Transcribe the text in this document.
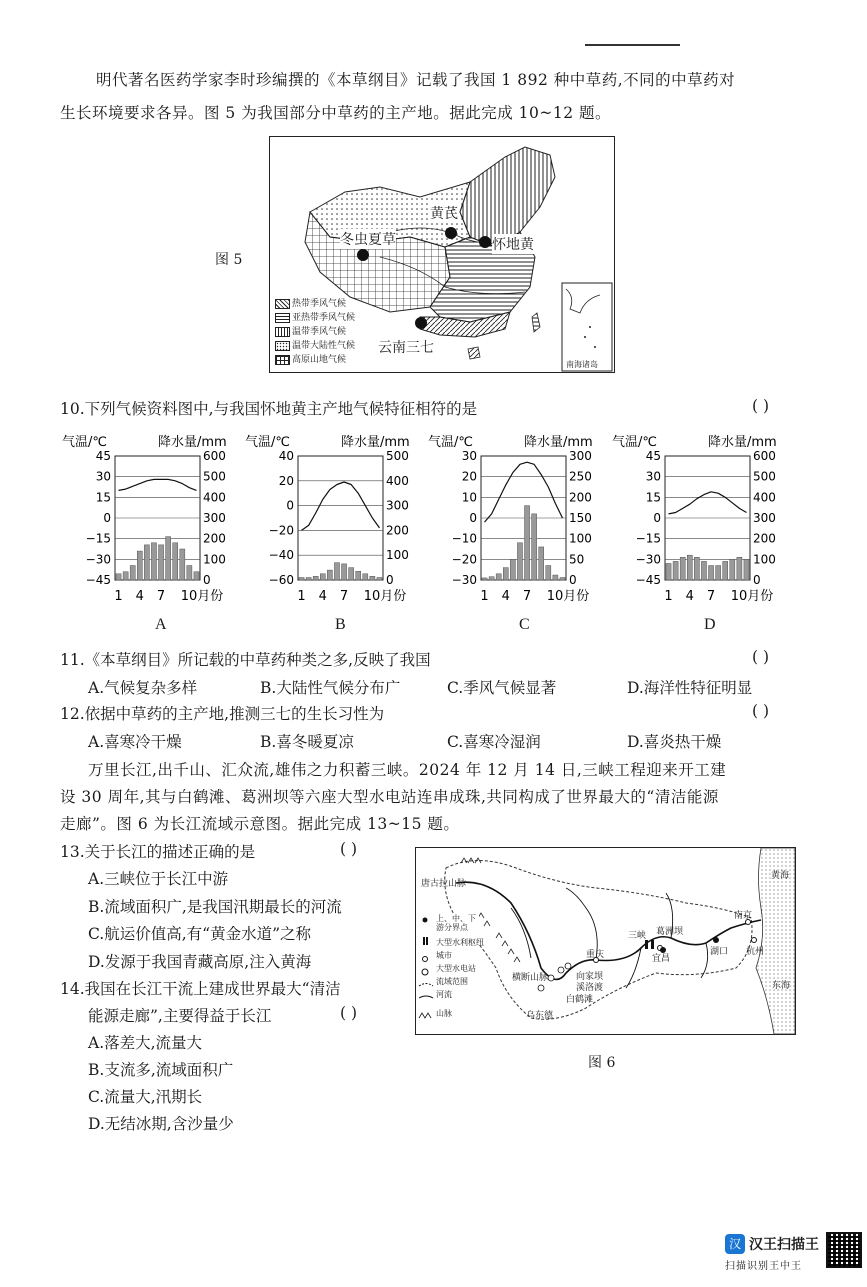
明代著名医药学家李时珍编撰的《本草纲目》记载了我国 1 892 种中草药,不同的中草药对
生长环境要求各异。图 5 为我国部分中草药的主产地。据此完成 10~12 题。
图 5
黄芪
冬虫夏草	怀地黄
云南三七
热带季风气候
亚热带季风气候
温带季风气候
温带大陆性气候
高原山地气候	南海诸岛
10.下列气候资料图中,与我国怀地黄主产地气候特征相符的是	( )
气温/℃	降水量/mm
45
30
15
0
−15
−30
−45
600
500
400
300
200
100
0
1 4 7 10月份
气温/℃	降水量/mm
40
20
0
−20
−40
−60
500
400
300
200
100
0
1 4 7 10月份
气温/℃	降水量/mm
30
20
10
0
−10
−20
−30
300
250
200
150
100
50
0
1 4 7 10月份
气温/℃	降水量/mm
45
30
15
0
−15
−30
−45
600
500
400
300
200
100
0
1 4 7 10月份
A	B	C	D
11.《本草纲目》所记载的中草药种类之多,反映了我国	( )
A.气候复杂多样	B.大陆性气候分布广	C.季风气候显著	D.海洋性特征明显
12.依据中草药的主产地,推测三七的生长习性为	( )
A.喜寒冷干燥	B.喜冬暖夏凉	C.喜寒冷湿润	D.喜炎热干燥
万里长江,出千山、汇众流,雄伟之力积蓄三峡。2024 年 12 月 14 日,三峡工程迎来开工建
设 30 周年,其与白鹤滩、葛洲坝等六座大型水电站连串成珠,共同构成了世界最大的“清洁能源
走廊”。图 6 为长江流域示意图。据此完成 13~15 题。
13.关于长江的描述正确的是	( )
A.三峡位于长江中游
B.流域面积广,是我国汛期最长的河流
C.航运价值高,有“黄金水道”之称
D.发源于我国青藏高原,注入黄海
14.我国在长江干流上建成世界最大“清洁
能源走廊”,主要得益于长江	( )
A.落差大,流量大
B.支流多,流域面积广
C.流量大,汛期长
D.无结冰期,含沙量少
上、中、下游分界点
大型水利枢纽
城市
大型水电站
流域范围
河流
山脉
唐古拉山脉
横断山脉
乌东德
白鹤滩
溪洛渡
向家坝
重庆
三峡 葛洲坝
宜昌
湖口
南京
杭州
黄海
东海
图 6
汉 汉王扫描王
扫描识别王中王
